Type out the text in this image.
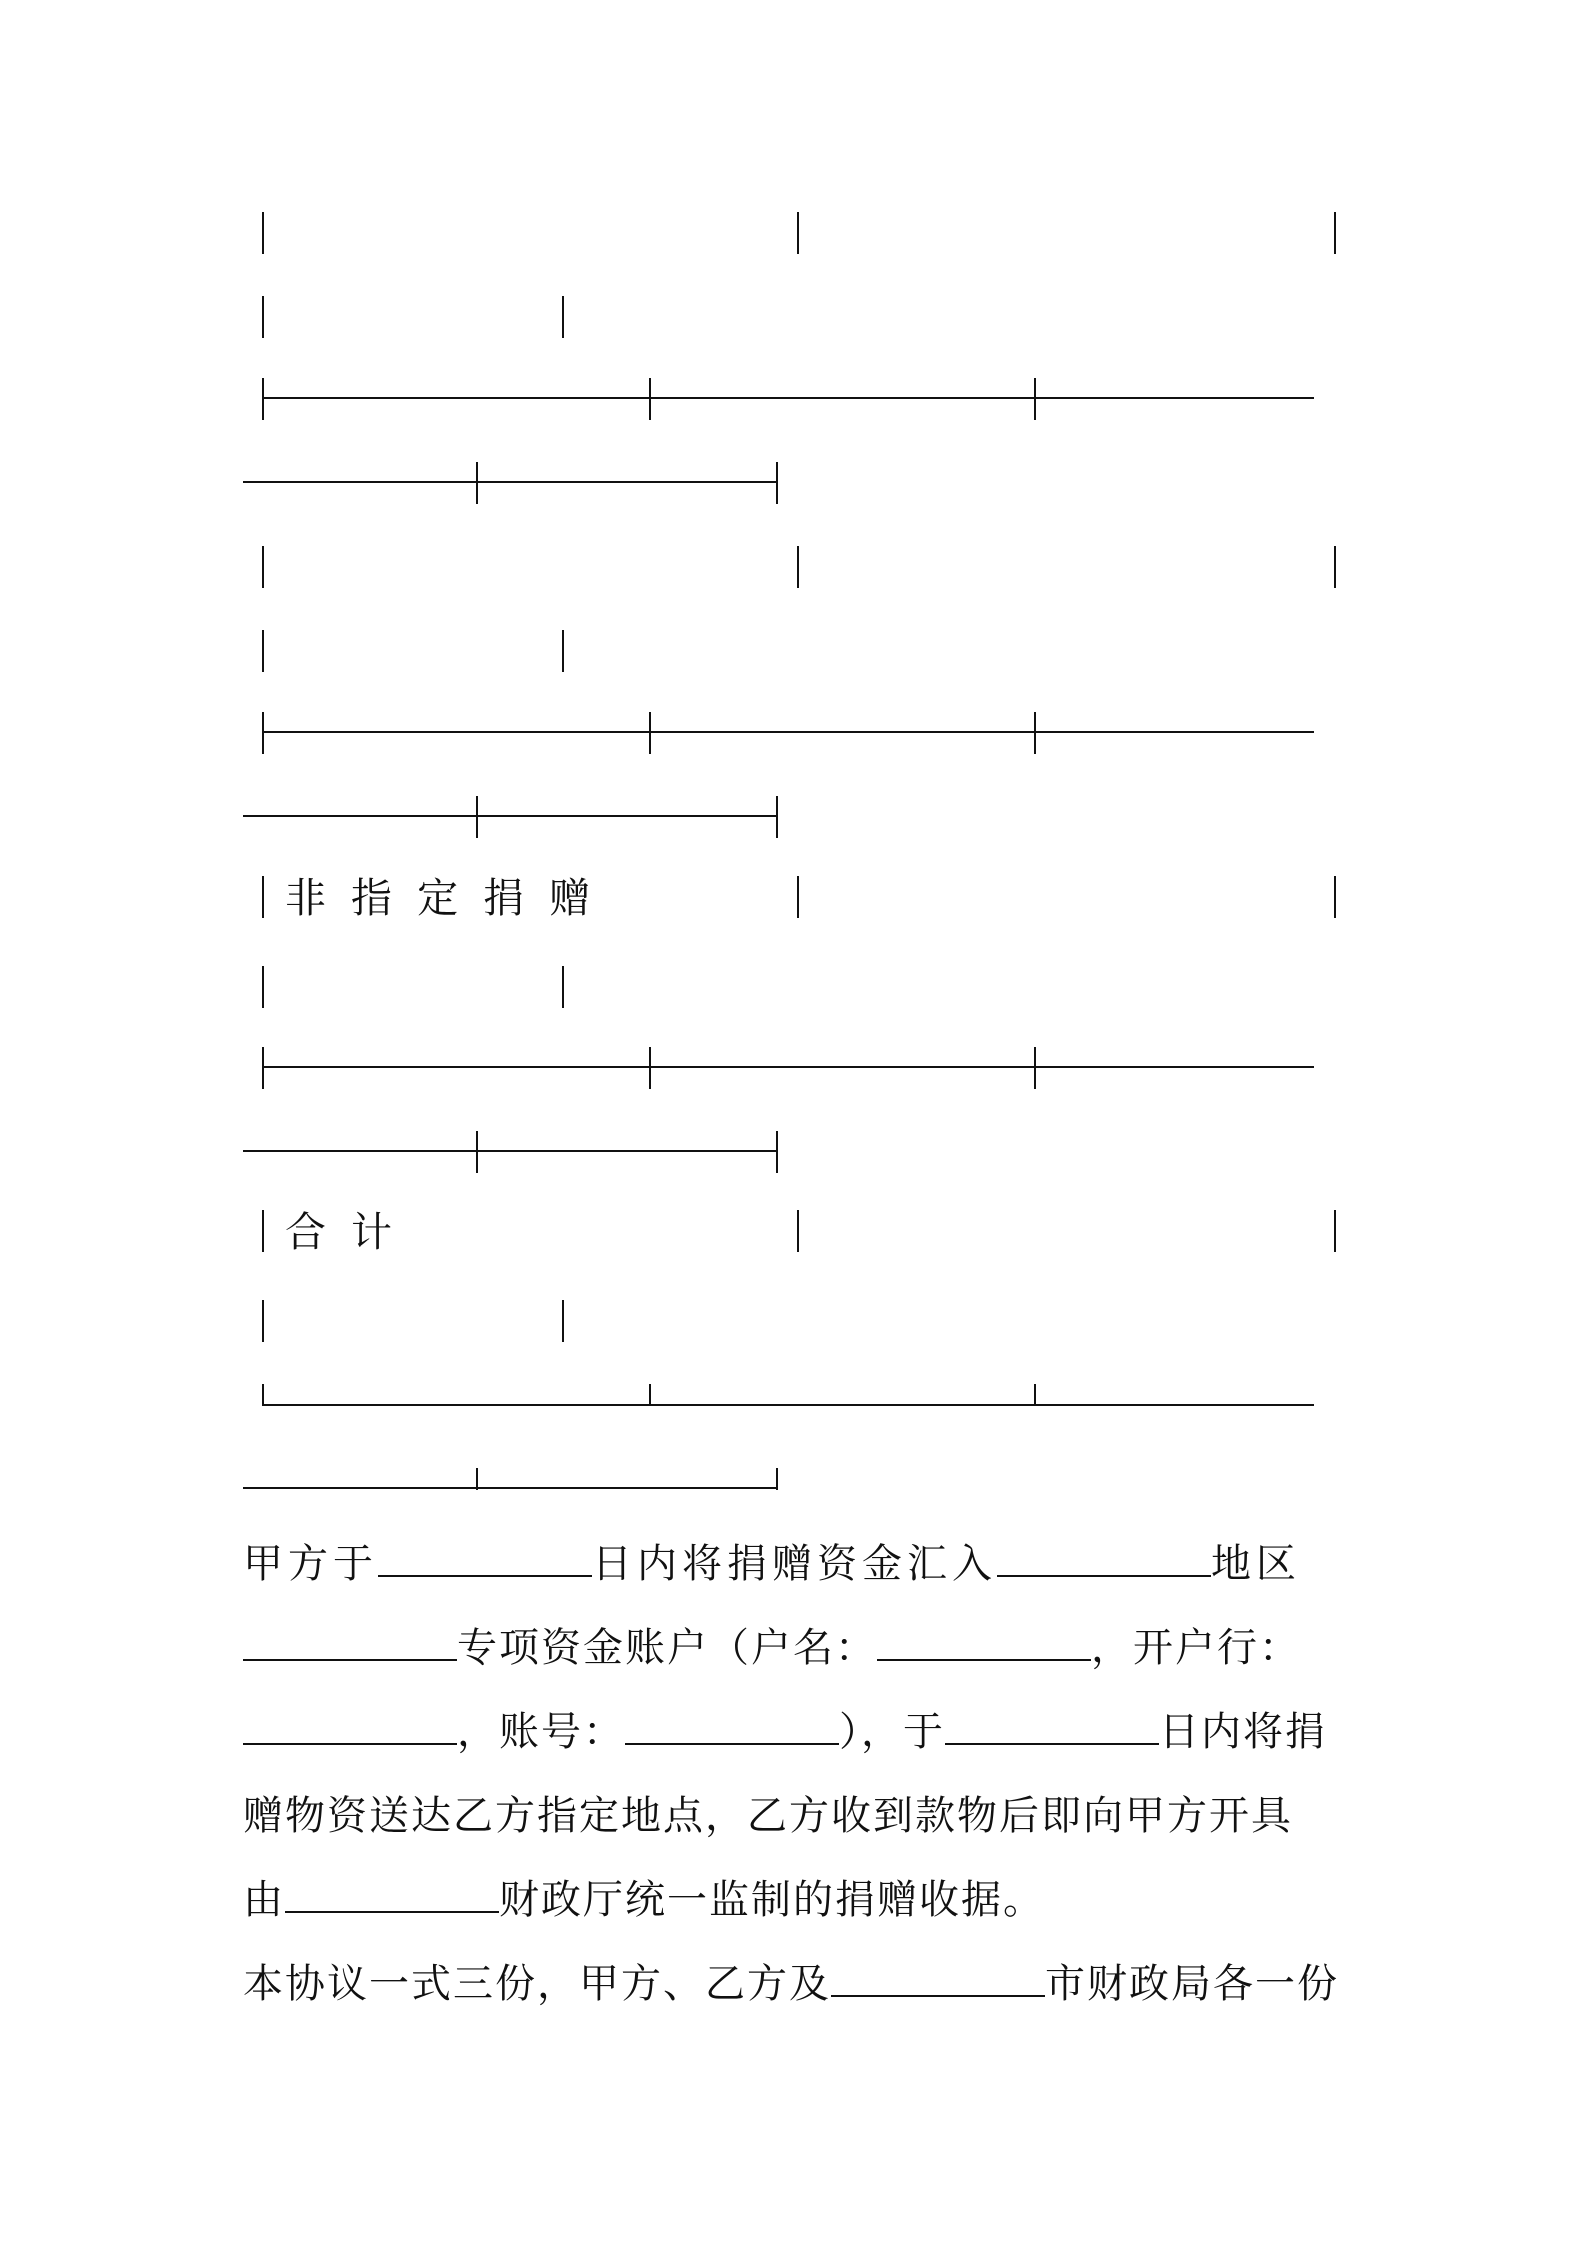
非 指 定 捐 赠
合 计
甲方于	日内将捐赠资金汇入	地区
专项资金账户（户名：	，开户行：
，账号：	），于	日内将捐
赠物资送达乙方指定地点，乙方收到款物后即向甲方开具
由	财政厅统一监制的捐赠收据。
本协议一式三份，甲方、乙方及	市财政局各一份
